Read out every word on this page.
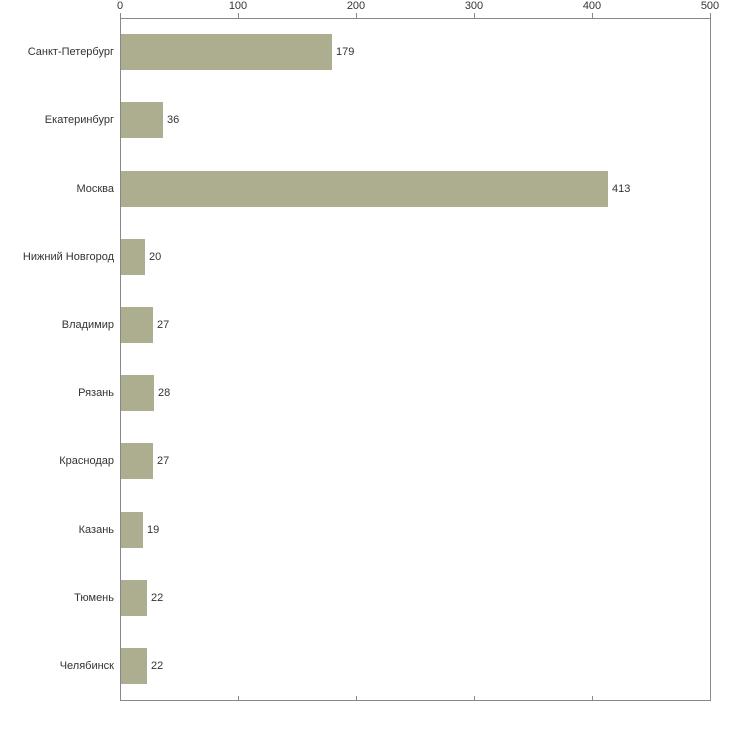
0	100	200	300	400	500
179
Санкт-Петербург
36
Екатеринбург
413
Москва
20
Нижний Новгород
27
Владимир
28
Рязань
27
Краснодар
19
Казань
22
Тюмень
22
Челябинск
